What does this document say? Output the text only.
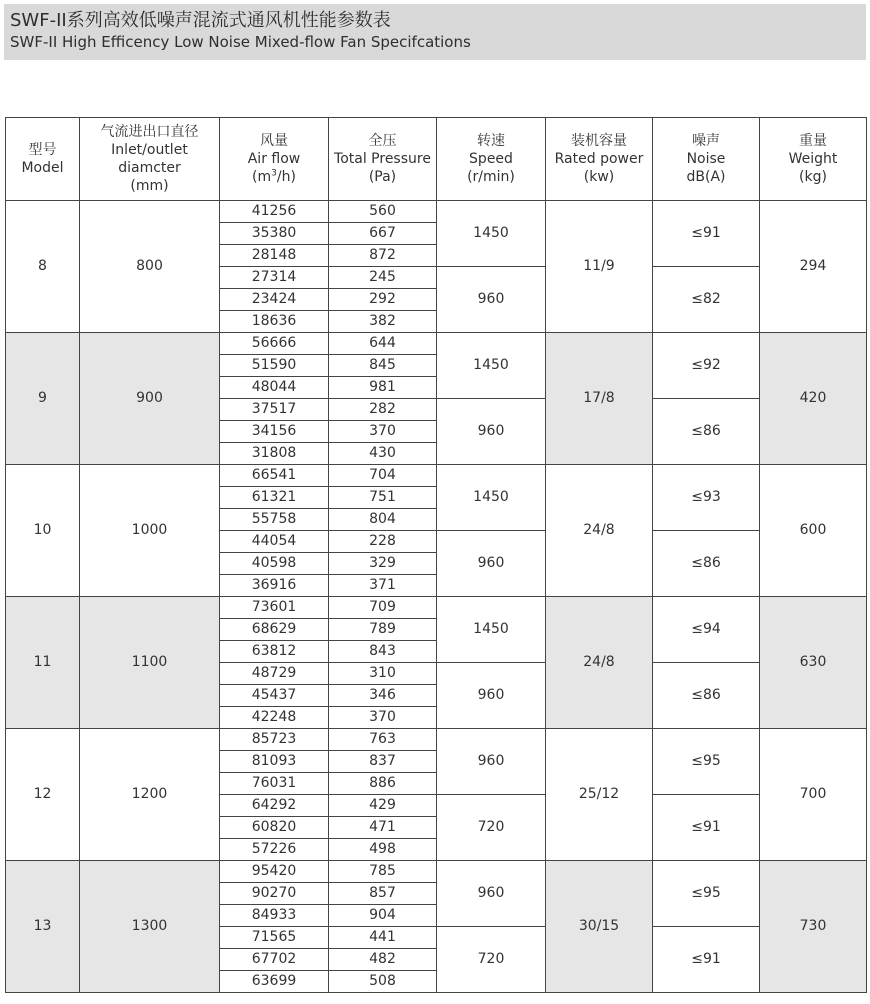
SWF-II系列高效低噪声混流式通风机性能参数表
SWF-II High Efficency Low Noise Mixed-flow Fan Specifcations
型号
Model	气流进出口直径
Inlet/outlet
diamcter
(mm)	风量
Air flow
$(m^3/h)$	全压
Total Pressure
(Pa)	转速
Speed
(r/min)	装机容量
Rated power
(kw)	噪声
Noise
dB(A)	重量
Weight
(kg)

8	800	41256	560	1450	11/9	≤91	294
		35380	667				
		28148	872				
		27314	245	960		≤82	
		23424	292				
		18636	382				
9	900	56666	644	1450	17/8	≤92	420
		51590	845				
		48044	981				
		37517	282	960		≤86	
		34156	370				
		31808	430				
10	1000	66541	704	1450	24/8	≤93	600
		61321	751				
		55758	804				
		44054	228	960		≤86	
		40598	329				
		36916	371				
11	1100	73601	709	1450	24/8	≤94	630
		68629	789				
		63812	843				
		48729	310	960		≤86	
		45437	346				
		42248	370				
12	1200	85723	763	960	25/12	≤95	700
		81093	837				
		76031	886				
		64292	429	720		≤91	
		60820	471				
		57226	498				
13	1300	95420	785	960	30/15	≤95	730
		90270	857				
		84933	904				
		71565	441	720		≤91	
		67702	482				
		63699	508				
